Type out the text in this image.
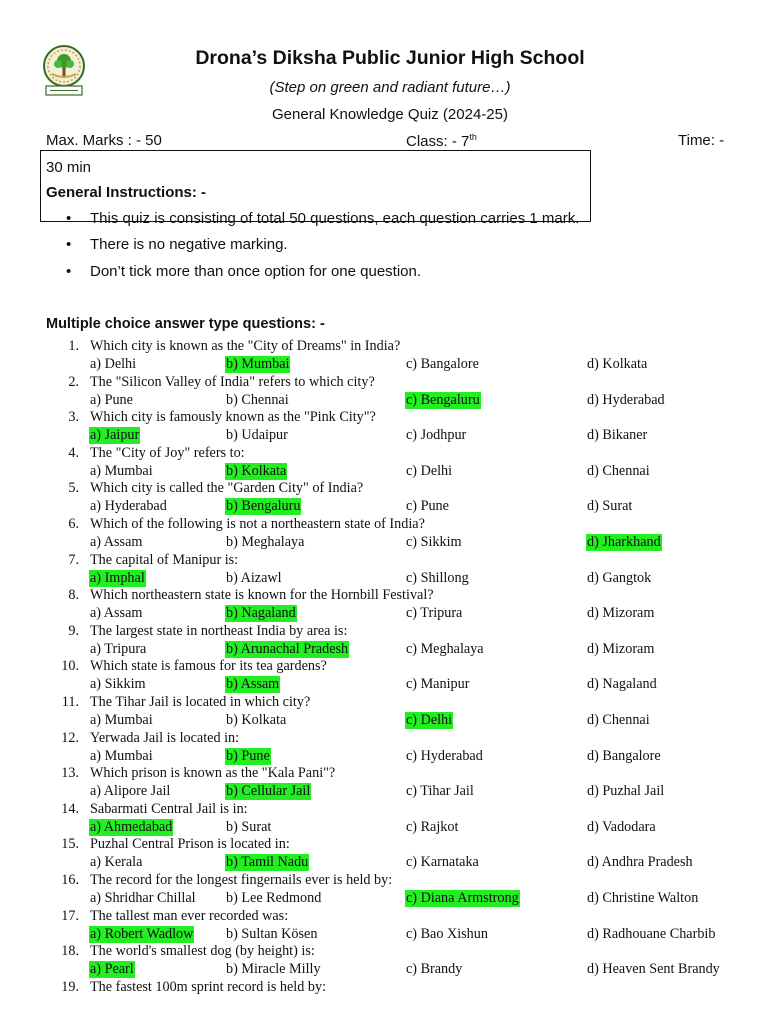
Drona’s Diksha Public Junior High School
(Step on green and radiant future…)
General Knowledge Quiz (2024-25)
Max. Marks : - 50	Class: - 7th	Time: -
30 min
General Instructions: -
• This quiz is consisting of total 50 questions, each question carries 1 mark.
• There is no negative marking.
• Don’t tick more than once option for one question.
Multiple choice answer type questions: -
1. Which city is known as the "City of Dreams" in India?
a) Delhi	b) Mumbai	c) Bangalore	d) Kolkata
2. The "Silicon Valley of India" refers to which city?
a) Pune	b) Chennai	c) Bengaluru	d) Hyderabad
3. Which city is famously known as the "Pink City"?
a) Jaipur	b) Udaipur	c) Jodhpur	d) Bikaner
4. The "City of Joy" refers to:
a) Mumbai	b) Kolkata	c) Delhi	d) Chennai
5. Which city is called the "Garden City" of India?
a) Hyderabad	b) Bengaluru	c) Pune	d) Surat
6. Which of the following is not a northeastern state of India?
a) Assam	b) Meghalaya	c) Sikkim	d) Jharkhand
7. The capital of Manipur is:
a) Imphal	b) Aizawl	c) Shillong	d) Gangtok
8. Which northeastern state is known for the Hornbill Festival?
a) Assam	b) Nagaland	c) Tripura	d) Mizoram
9. The largest state in northeast India by area is:
a) Tripura	b) Arunachal Pradesh	c) Meghalaya	d) Mizoram
10. Which state is famous for its tea gardens?
a) Sikkim	b) Assam	c) Manipur	d) Nagaland
11. The Tihar Jail is located in which city?
a) Mumbai	b) Kolkata	c) Delhi	d) Chennai
12. Yerwada Jail is located in:
a) Mumbai	b) Pune	c) Hyderabad	d) Bangalore
13. Which prison is known as the "Kala Pani"?
a) Alipore Jail	b) Cellular Jail	c) Tihar Jail	d) Puzhal Jail
14. Sabarmati Central Jail is in:
a) Ahmedabad	b) Surat	c) Rajkot	d) Vadodara
15. Puzhal Central Prison is located in:
a) Kerala	b) Tamil Nadu	c) Karnataka	d) Andhra Pradesh
16. The record for the longest fingernails ever is held by:
a) Shridhar Chillal b) Lee Redmond	c) Diana Armstrong	d) Christine Walton
17. The tallest man ever recorded was:
a) Robert Wadlow b) Sultan Kösen	c) Bao Xishun	d) Radhouane Charbib
18. The world's smallest dog (by height) is:
a) Pearl	b) Miracle Milly	c) Brandy	d) Heaven Sent Brandy
19. The fastest 100m sprint record is held by:
